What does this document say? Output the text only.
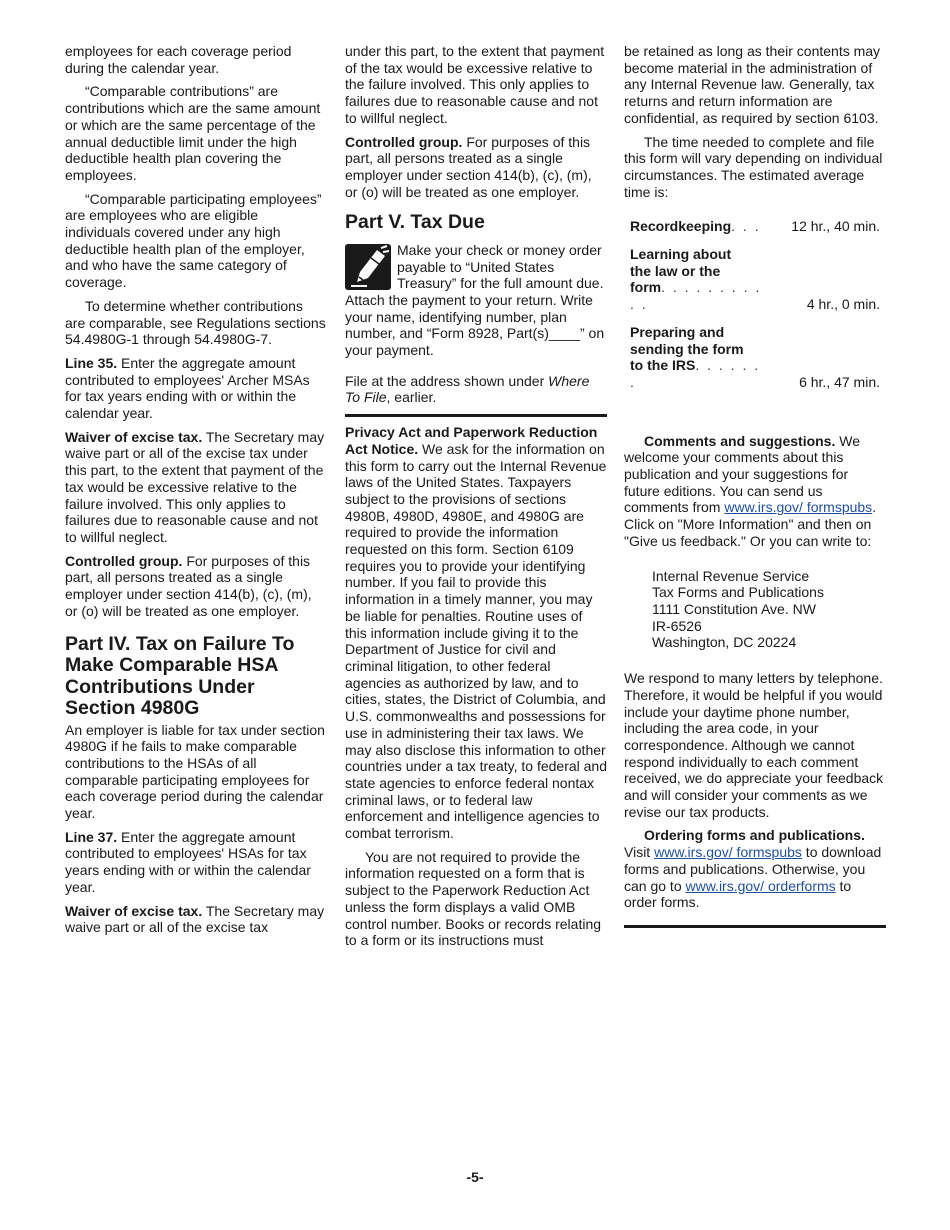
employees for each coverage period during the calendar year.

“Comparable contributions” are contributions which are the same amount or which are the same percentage of the annual deductible limit under the high deductible health plan covering the employees.

“Comparable participating employees” are employees who are eligible individuals covered under any high deductible health plan of the employer, and who have the same category of coverage.

To determine whether contributions are comparable, see Regulations sections 54.4980G-1 through 54.4980G-7.

Line 35. Enter the aggregate amount contributed to employees' Archer MSAs for tax years ending with or within the calendar year.

Waiver of excise tax. The Secretary may waive part or all of the excise tax under this part, to the extent that payment of the tax would be excessive relative to the failure involved. This only applies to failures due to reasonable cause and not to willful neglect.

Controlled group. For purposes of this part, all persons treated as a single employer under section 414(b), (c), (m), or (o) will be treated as one employer.

Part IV. Tax on Failure To Make Comparable HSA Contributions Under Section 4980G

An employer is liable for tax under section 4980G if he fails to make comparable contributions to the HSAs of all comparable participating employees for each coverage period during the calendar year.

Line 37. Enter the aggregate amount contributed to employees' HSAs for tax years ending with or within the calendar year.

Waiver of excise tax. The Secretary may waive part or all of the excise tax

under this part, to the extent that payment of the tax would be excessive relative to the failure involved. This only applies to failures due to reasonable cause and not to willful neglect.

Controlled group. For purposes of this part, all persons treated as a single employer under section 414(b), (c), (m), or (o) will be treated as one employer.

Part V. Tax Due

Make your check or money order payable to “United States Treasury” for the full amount due. Attach the payment to your return. Write your name, identifying number, plan number, and “Form 8928, Part(s)____” on your payment.

File at the address shown under Where To File, earlier.

Privacy Act and Paperwork Reduction Act Notice. We ask for the information on this form to carry out the Internal Revenue laws of the United States. Taxpayers subject to the provisions of sections 4980B, 4980D, 4980E, and 4980G are required to provide the information requested on this form. Section 6109 requires you to provide your identifying number. If you fail to provide this information in a timely manner, you may be liable for penalties. Routine uses of this information include giving it to the Department of Justice for civil and criminal litigation, to other federal agencies as authorized by law, and to cities, states, the District of Columbia, and U.S. commonwealths and possessions for use in administering their tax laws. We may also disclose this information to other countries under a tax treaty, to federal and state agencies to enforce federal nontax criminal laws, or to federal law enforcement and intelligence agencies to combat terrorism.

You are not required to provide the information requested on a form that is subject to the Paperwork Reduction Act unless the form displays a valid OMB control number. Books or records relating to a form or its instructions must

be retained as long as their contents may become material in the administration of any Internal Revenue law. Generally, tax returns and return information are confidential, as required by section 6103.

The time needed to complete and file this form will vary depending on individual circumstances. The estimated average time is:

Recordkeeping. . .	12 hr., 40 min.
Learning about
the law or the
form. . . . . . . . . . .	4 hr., 0 min.
Preparing and
sending the form
to the IRS. . . . . . .	6 hr., 47 min.

Comments and suggestions. We welcome your comments about this publication and your suggestions for future editions. You can send us comments from www.irs.gov/ formspubs. Click on "More Information" and then on "Give us feedback." Or you can write to:

Internal Revenue Service
Tax Forms and Publications
1111 Constitution Ave. NW
IR-6526
Washington, DC 20224

We respond to many letters by telephone. Therefore, it would be helpful if you would include your daytime phone number, including the area code, in your correspondence. Although we cannot respond individually to each comment received, we do appreciate your feedback and will consider your comments as we revise our tax products.

Ordering forms and publications.
Visit www.irs.gov/ formspubs to download forms and publications. Otherwise, you can go to www.irs.gov/ orderforms to order forms.

-5-
